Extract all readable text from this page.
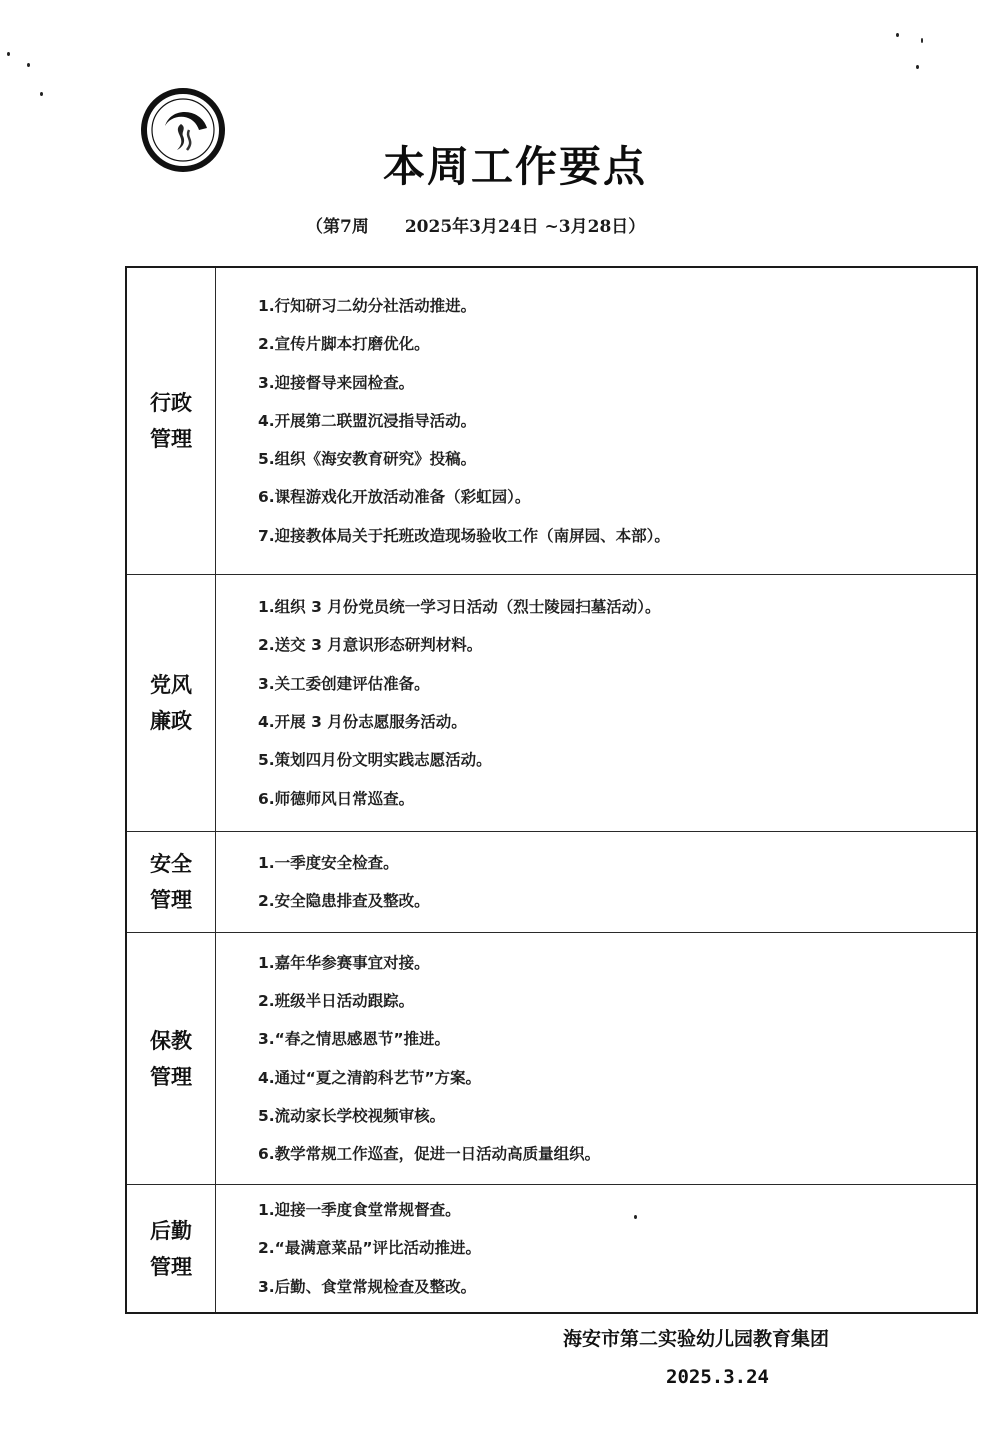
本周工作要点
（第7周 2025年3月24日 ~3月28日）
行政
管理

1.行知研习二幼分社活动推进。
2.宣传片脚本打磨优化。
3.迎接督导来园检查。
4.开展第二联盟沉浸指导活动。
5.组织《海安教育研究》投稿。
6.课程游戏化开放活动准备（彩虹园）。
7.迎接教体局关于托班改造现场验收工作（南屏园、本部）。

党风
廉政

1.组织 3 月份党员统一学习日活动（烈士陵园扫墓活动）。
2.送交 3 月意识形态研判材料。
3.关工委创建评估准备。
4.开展 3 月份志愿服务活动。
5.策划四月份文明实践志愿活动。
6.师德师风日常巡查。

安全
管理

1.一季度安全检查。
2.安全隐患排查及整改。

保教
管理

1.嘉年华参赛事宜对接。
2.班级半日活动跟踪。
3.“春之情思感恩节”推进。
4.通过“夏之清韵科艺节”方案。
5.流动家长学校视频审核。
6.教学常规工作巡查，促进一日活动高质量组织。

后勤
管理

1.迎接一季度食堂常规督查。
2.“最满意菜品”评比活动推进。
3.后勤、食堂常规检查及整改。
海安市第二实验幼儿园教育集团
2025.3.24
